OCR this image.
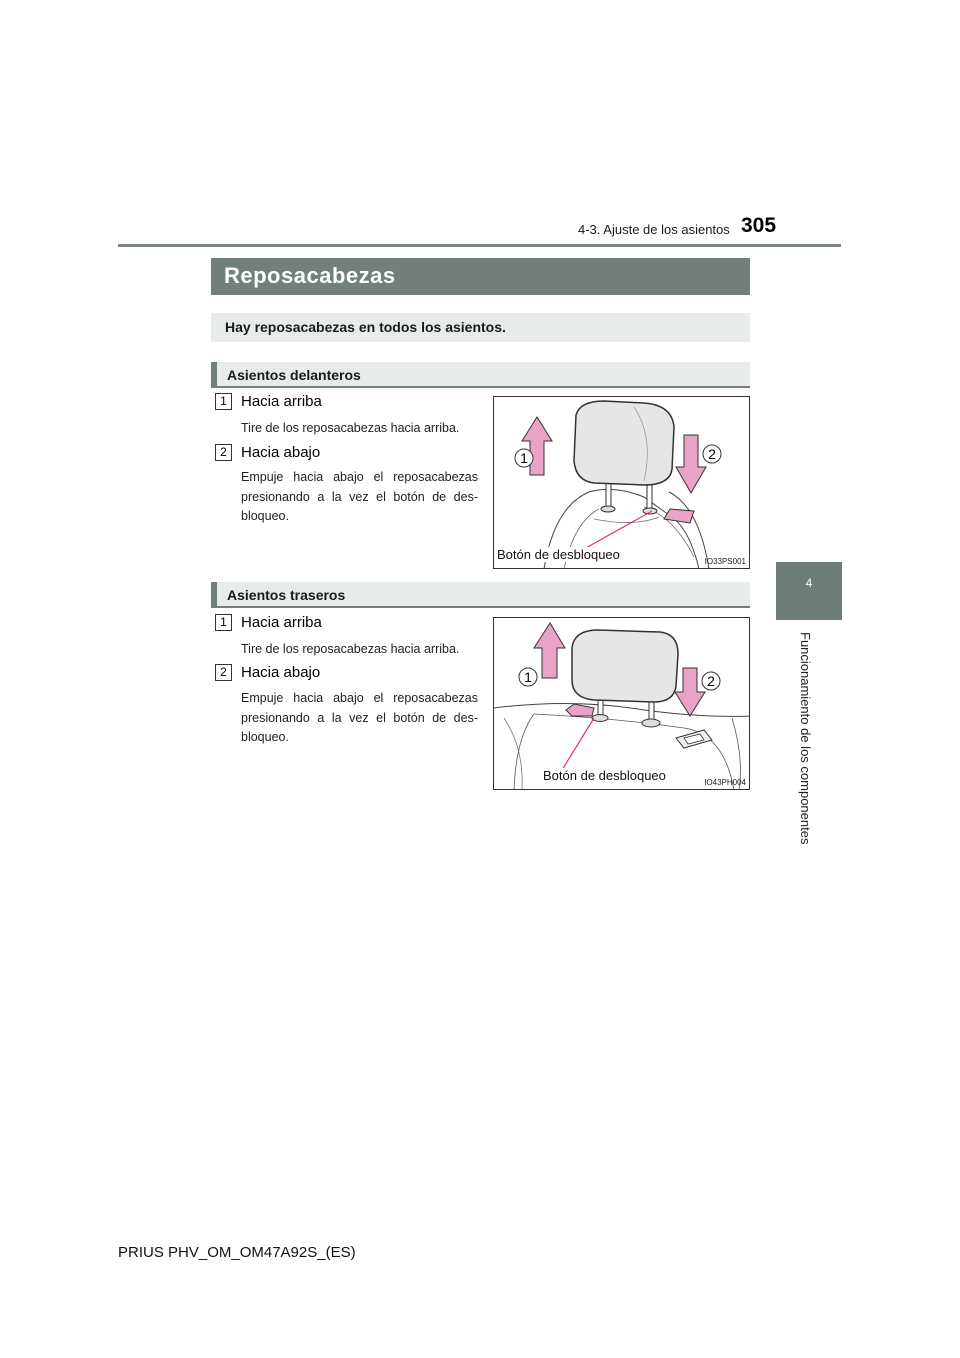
4-3. Ajuste de los asientos 305
4
Funcionamiento de los componentes
Reposacabezas
Hay reposacabezas en todos los asientos.
Asientos delanteros
1 Hacia arriba
Tire de los reposacabezas hacia arriba.
2 Hacia abajo
Empuje hacia abajo el reposacabezas presionando a la vez el botón de des-bloqueo.
1	2
Botón de desbloqueo	IO33PS001
Asientos traseros
1 Hacia arriba
Tire de los reposacabezas hacia arriba.
2 Hacia abajo
Empuje hacia abajo el reposacabezas presionando a la vez el botón de des-bloqueo.
1	2
Botón de desbloqueo	IO43PH004
PRIUS PHV_OM_OM47A92S_(ES)
